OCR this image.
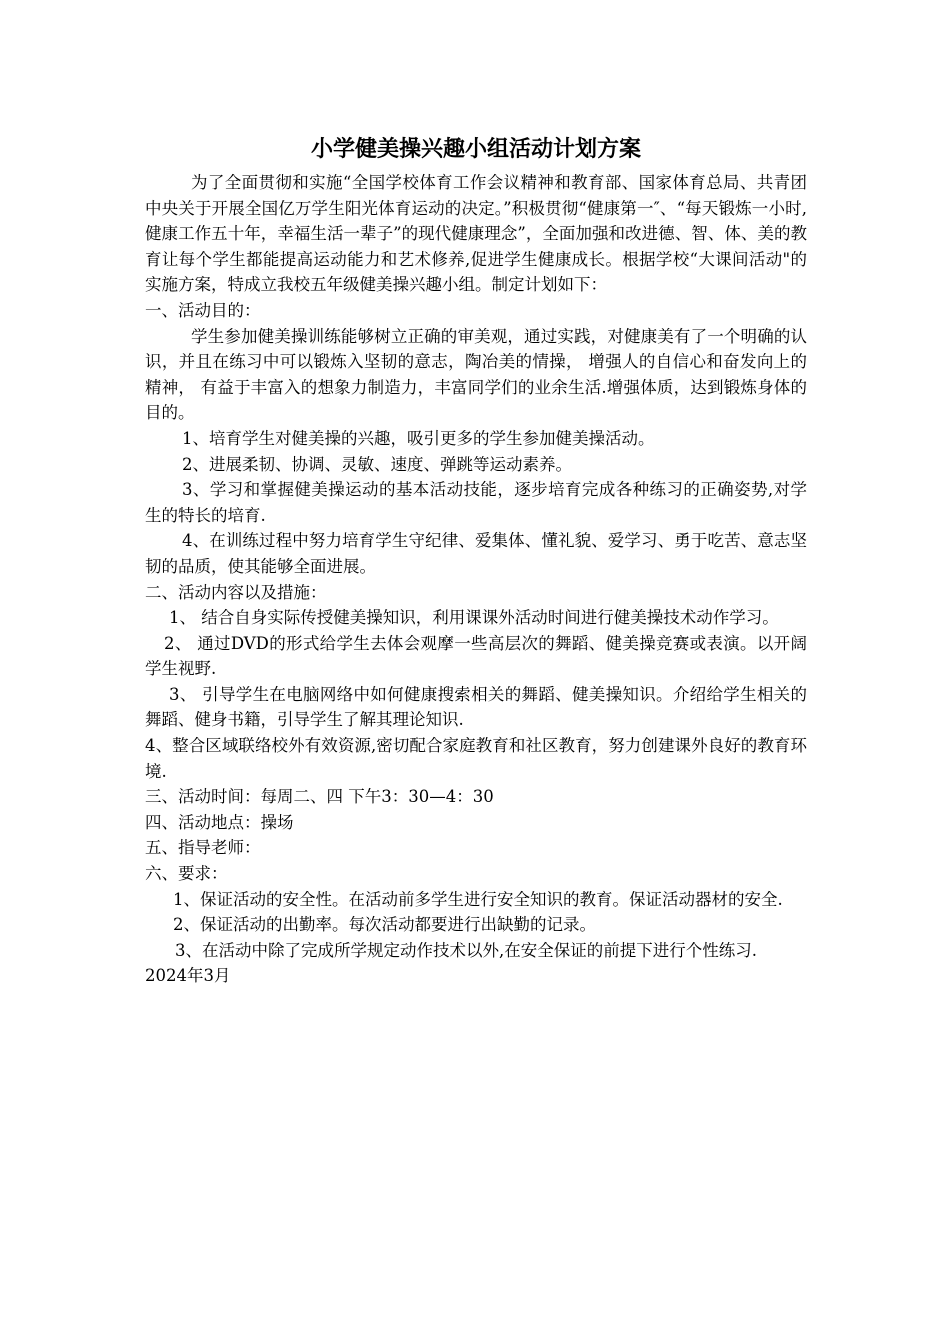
小学健美操兴趣小组活动计划方案

为了全面贯彻和实施“全国学校体育工作会议精神和教育部、国家体育总局、共青团中央关于开展全国亿万学生阳光体育运动的决定。”积极贯彻“健康第一″、“每天锻炼一小时, 健康工作五十年，幸福生活一辈子”的现代健康理念”，全面加强和改进德、智、体、美的教育让每个学生都能提高运动能力和艺术修养,促进学生健康成长。根据学校“大课间活动"的实施方案，特成立我校五年级健美操兴趣小组。制定计划如下：

一、活动目的：

学生参加健美操训练能够树立正确的审美观，通过实践，对健康美有了一个明确的认识，并且在练习中可以锻炼入坚韧的意志，陶冶美的情操， 增强人的自信心和奋发向上的精神， 有益于丰富入的想象力制造力，丰富同学们的业余生活.增强体质，达到锻炼身体的目的。

1、培育学生对健美操的兴趣，吸引更多的学生参加健美操活动。

2、进展柔韧、协调、灵敏、速度、弹跳等运动素养。

3、学习和掌握健美操运动的基本活动技能，逐步培育完成各种练习的正确姿势,对学生的特长的培育.

4、在训练过程中努力培育学生守纪律、爱集体、懂礼貌、爱学习、勇于吃苦、意志坚韧的品质，使其能够全面进展。

二、活动内容以及措施：

1、 结合自身实际传授健美操知识，利用课课外活动时间进行健美操技术动作学习。

2、 通过DVD的形式给学生去体会观摩一些高层次的舞蹈、健美操竞赛或表演。以开阔学生视野.

3、 引导学生在电脑网络中如何健康搜索相关的舞蹈、健美操知识。介绍给学生相关的舞蹈、健身书籍，引导学生了解其理论知识.

4、整合区域联络校外有效资源,密切配合家庭教育和社区教育，努力创建课外良好的教育环境.

三、活动时间：每周二、四 下午3：30—4：30

四、活动地点：操场

五、指导老师：

六、要求：

1、保证活动的安全性。在活动前多学生进行安全知识的教育。保证活动器材的安全.

2、保证活动的出勤率。每次活动都要进行出缺勤的记录。

3、在活动中除了完成所学规定动作技术以外,在安全保证的前提下进行个性练习.

2024年3月
